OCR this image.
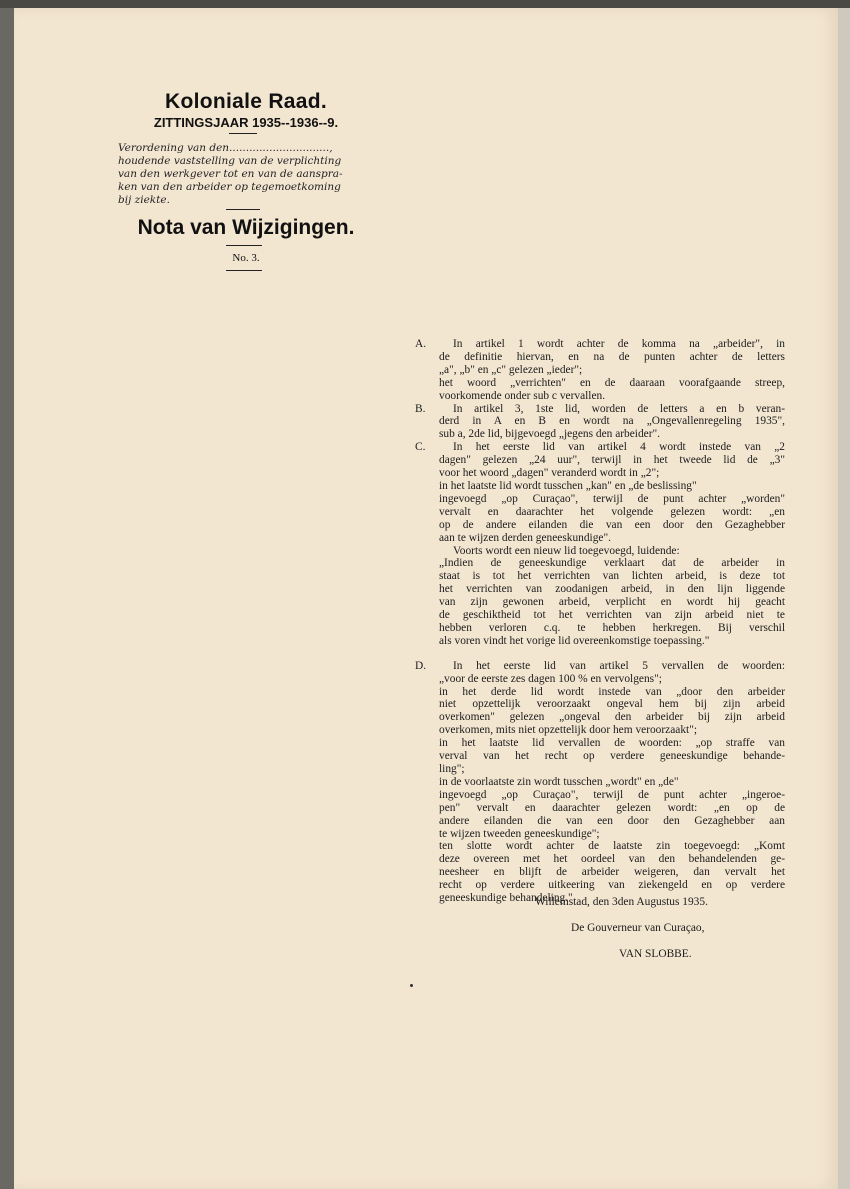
Koloniale Raad.
ZITTINGSJAAR 1935--1936--9.
Verordening van den..............................,
houdende vaststelling van de verplichting
van den werkgever tot en van de aanspra-
ken van den arbeider op tegemoetkoming
bij ziekte.
Nota van Wijzigingen.
No. 3.
A.	In artikel 1 wordt achter de komma na „arbeider", in
de definitie hiervan, en na de punten achter de letters
„a", „b" en „c" gelezen „ieder";
het woord „verrichten" en de daaraan voorafgaande streep,
voorkomende onder sub c vervallen.
B.	In artikel 3, 1ste lid, worden de letters a en b veran-
derd in A en B en wordt na „Ongevallenregeling 1935",
sub a, 2de lid, bijgevoegd „jegens den arbeider".
C.	In het eerste lid van artikel 4 wordt instede van „2
dagen" gelezen „24 uur", terwijl in het tweede lid de „3"
voor het woord „dagen" veranderd wordt in „2";
in het laatste lid wordt tusschen „kan" en „de beslissing"
ingevoegd „op Curaçao", terwijl de punt achter „worden"
vervalt en daarachter het volgende gelezen wordt: „en
op de andere eilanden die van een door den Gezaghebber
aan te wijzen derden geneeskundige".
Voorts wordt een nieuw lid toegevoegd, luidende:
„Indien de geneeskundige verklaart dat de arbeider in
staat is tot het verrichten van lichten arbeid, is deze tot
het verrichten van zoodanigen arbeid, in den lijn liggende
van zijn gewonen arbeid, verplicht en wordt hij geacht
de geschiktheid tot het verrichten van zijn arbeid niet te
hebben verloren c.q. te hebben herkregen. Bij verschil
als voren vindt het vorige lid overeenkomstige toepassing."
D.	In het eerste lid van artikel 5 vervallen de woorden:
„voor de eerste zes dagen 100 % en vervolgens";
in het derde lid wordt instede van „door den arbeider
niet opzettelijk veroorzaakt ongeval hem bij zijn arbeid
overkomen" gelezen „ongeval den arbeider bij zijn arbeid
overkomen, mits niet opzettelijk door hem veroorzaakt";
in het laatste lid vervallen de woorden: „op straffe van
verval van het recht op verdere geneeskundige behande-
ling";
in de voorlaatste zin wordt tusschen „wordt" en „de"
ingevoegd „op Curaçao", terwijl de punt achter „ingeroe-
pen" vervalt en daarachter gelezen wordt: „en op de
andere eilanden die van een door den Gezaghebber aan
te wijzen tweeden geneeskundige";
ten slotte wordt achter de laatste zin toegevoegd: „Komt
deze overeen met het oordeel van den behandelenden ge-
neesheer en blijft de arbeider weigeren, dan vervalt het
recht op verdere uitkeering van ziekengeld en op verdere
geneeskundige behandeling."
Willemstad, den 3den Augustus 1935.
De Gouverneur van Curaçao,
VAN SLOBBE.
